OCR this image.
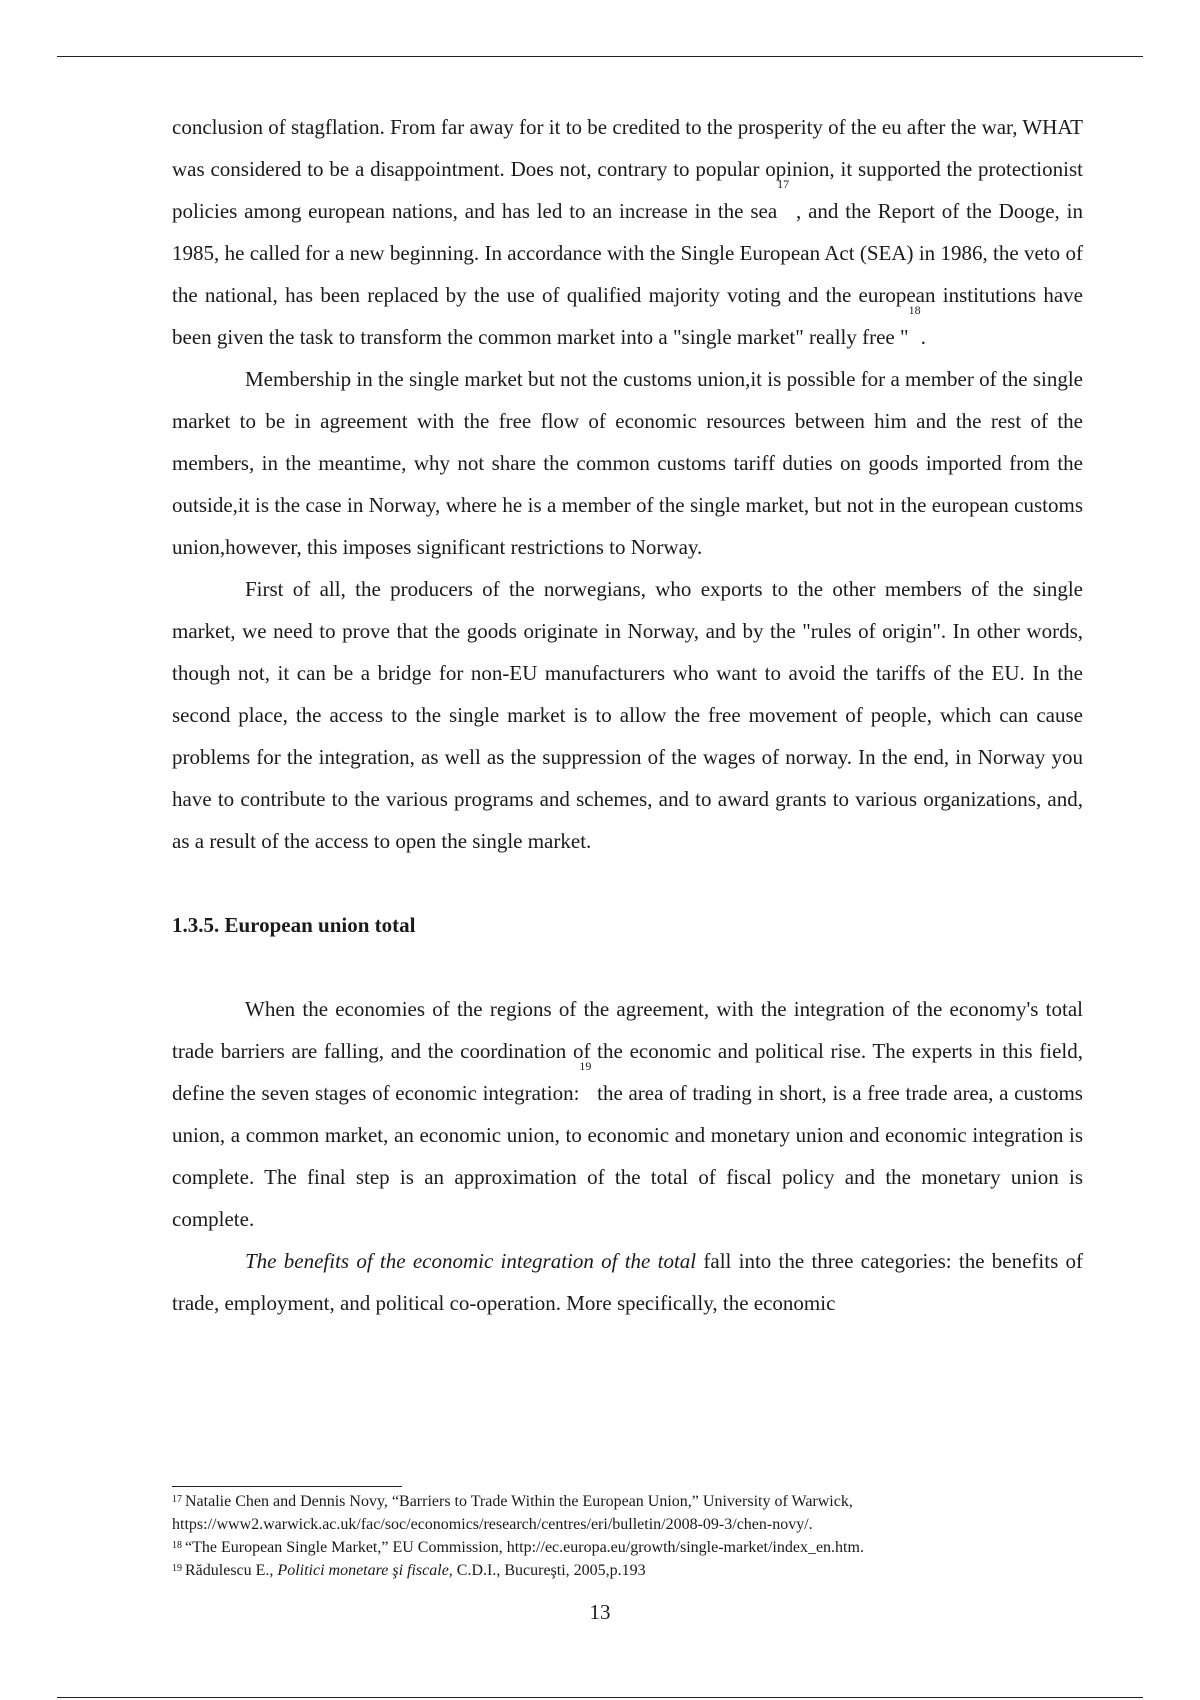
conclusion of stagflation. From far away for it to be credited to the prosperity of the eu after the war, WHAT was considered to be a disappointment. Does not, contrary to popular opinion, it supported the protectionist policies among european nations, and has led to an increase in the sea$^{17}$ , and the Report of the Dooge, in 1985, he called for a new beginning. In accordance with the Single European Act (SEA) in 1986, the veto of the national, has been replaced by the use of qualified majority voting and the european institutions have been given the task to transform the common market into a "single market" really free "$^{18}$.

Membership in the single market but not the customs union,it is possible for a member of the single market to be in agreement with the free flow of economic resources between him and the rest of the members, in the meantime, why not share the common customs tariff duties on goods imported from the outside,it is the case in Norway, where he is a member of the single market, but not in the european customs union,however, this imposes significant restrictions to Norway.

First of all, the producers of the norwegians, who exports to the other members of the single market, we need to prove that the goods originate in Norway, and by the "rules of origin". In other words, though not, it can be a bridge for non-EU manufacturers who want to avoid the tariffs of the EU. In the second place, the access to the single market is to allow the free movement of people, which can cause problems for the integration, as well as the suppression of the wages of norway. In the end, in Norway you have to contribute to the various programs and schemes, and to award grants to various organizations, and, as a result of the access to open the single market.

1.3.5. European union total

When the economies of the regions of the agreement, with the integration of the economy's total trade barriers are falling, and the coordination of the economic and political rise. The experts in this field, define the seven stages of economic integration:$^{19}$ the area of trading in short, is a free trade area, a customs union, a common market, an economic union, to economic and monetary union and economic integration is complete. The final step is an approximation of the total of fiscal policy and the monetary union is complete.

The benefits of the economic integration of the total fall into the three categories: the benefits of trade, employment, and political co-operation. More specifically, the economic

$^{17}$ Natalie Chen and Dennis Novy, “Barriers to Trade Within the European Union,” University of Warwick, https://www2.warwick.ac.uk/fac/soc/economics/research/centres/eri/bulletin/2008-09-3/chen-novy/.

$^{18}$ “The European Single Market,” EU Commission, http://ec.europa.eu/growth/single-market/index_en.htm.

$^{19}$ Rădulescu E., Politici monetare şi fiscale, C.D.I., Bucureşti, 2005,p.193

13
